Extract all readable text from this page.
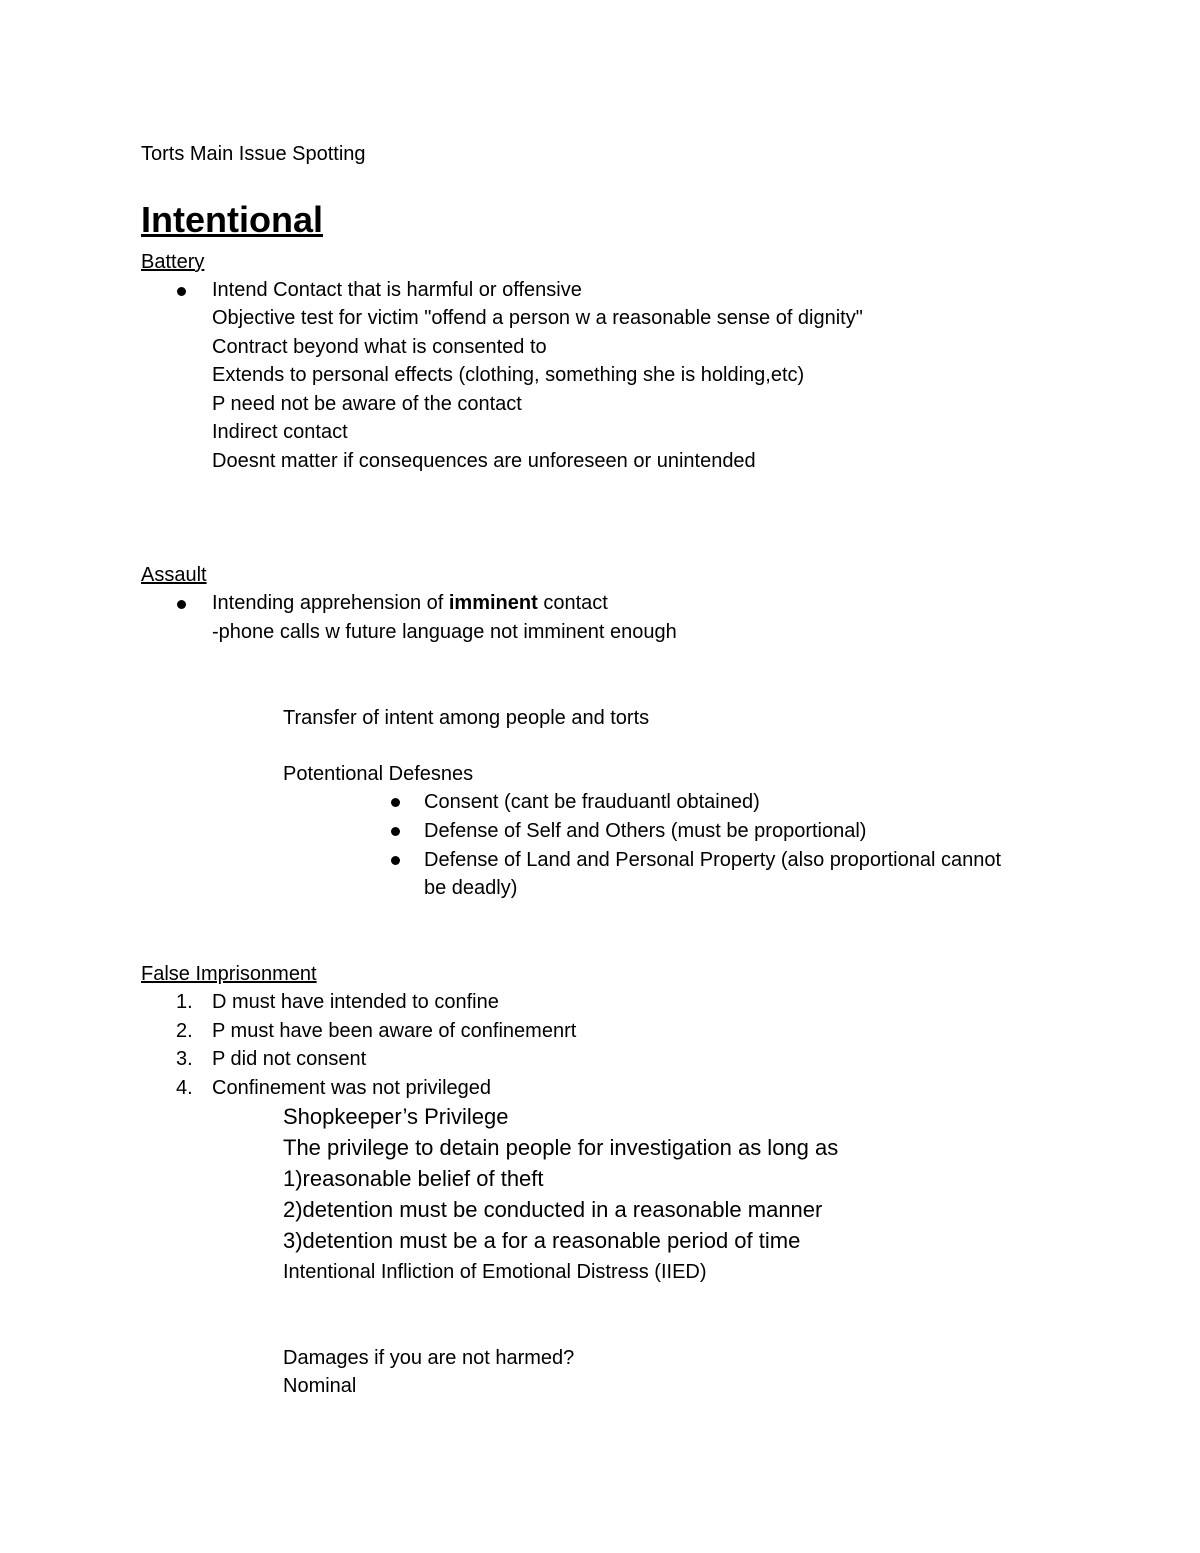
Torts Main Issue Spotting
Intentional
Battery
Intend Contact that is harmful or offensive
Objective test for victim "offend a person w a reasonable sense of dignity"
Contract beyond what is consented to
Extends to personal effects (clothing, something she is holding,etc)
P need not be aware of the contact
Indirect contact
Doesnt matter if consequences are unforeseen or unintended
Assault
Intending apprehension of imminent contact
-phone calls w future language not imminent enough
Transfer of intent among people and torts
Potentional Defesnes
Consent (cant be frauduantl obtained)
Defense of Self and Others (must be proportional)
Defense of Land and Personal Property (also proportional cannot
be deadly)
False Imprisonment
1. D must have intended to confine
2. P must have been aware of confinemenrt
3. P did not consent
4. Confinement was not privileged
Shopkeeper’s Privilege
The privilege to detain people for investigation as long as
1)reasonable belief of theft
2)detention must be conducted in a reasonable manner
3)detention must be a for a reasonable period of time
Intentional Infliction of Emotional Distress (IIED)
Damages if you are not harmed?
Nominal
